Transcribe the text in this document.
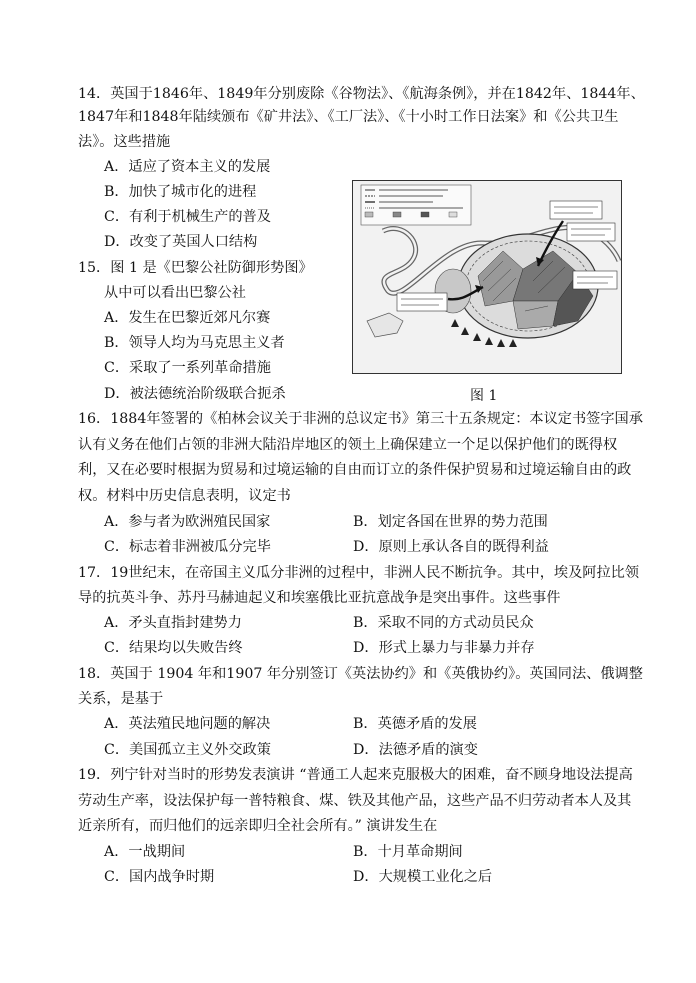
14．英国于1846年、1849年分别废除《谷物法》、《航海条例》，并在1842年、1844年、
1847年和1848年陆续颁布《矿井法》、《工厂法》、《十小时工作日法案》和《公共卫生
法》。这些措施
A．适应了资本主义的发展
B．加快了城市化的进程
C．有利于机械生产的普及
D．改变了英国人口结构
15．图 1 是《巴黎公社防御形势图》
从中可以看出巴黎公社
A．发生在巴黎近郊凡尔赛
B．领导人均为马克思主义者
C．采取了一系列革命措施
D．被法德统治阶级联合扼杀	图 1
16．1884年签署的《柏林会议关于非洲的总议定书》第三十五条规定：本议定书签字国承
认有义务在他们占领的非洲大陆沿岸地区的领土上确保建立一个足以保护他们的既得权
利，又在必要时根据为贸易和过境运输的自由而订立的条件保护贸易和过境运输自由的政
权。材料中历史信息表明，议定书
A．参与者为欧洲殖民国家	B．划定各国在世界的势力范围
C．标志着非洲被瓜分完毕	D．原则上承认各自的既得利益
17．19世纪末，在帝国主义瓜分非洲的过程中，非洲人民不断抗争。其中，埃及阿拉比领
导的抗英斗争、苏丹马赫迪起义和埃塞俄比亚抗意战争是突出事件。这些事件
A．矛头直指封建势力	B．采取不同的方式动员民众
C．结果均以失败告终	D．形式上暴力与非暴力并存
18．英国于 1904 年和1907 年分别签订《英法协约》和《英俄协约》。英国同法、俄调整
关系，是基于
A．英法殖民地问题的解决	B．英德矛盾的发展
C．美国孤立主义外交政策	D．法德矛盾的演变
19．列宁针对当时的形势发表演讲 “普通工人起来克服极大的困难，奋不顾身地设法提高
劳动生产率，设法保护每一普特粮食、煤、铁及其他产品，这些产品不归劳动者本人及其
近亲所有，而归他们的远亲即归全社会所有。” 演讲发生在
A．一战期间	B．十月革命期间
C．国内战争时期	D．大规模工业化之后
